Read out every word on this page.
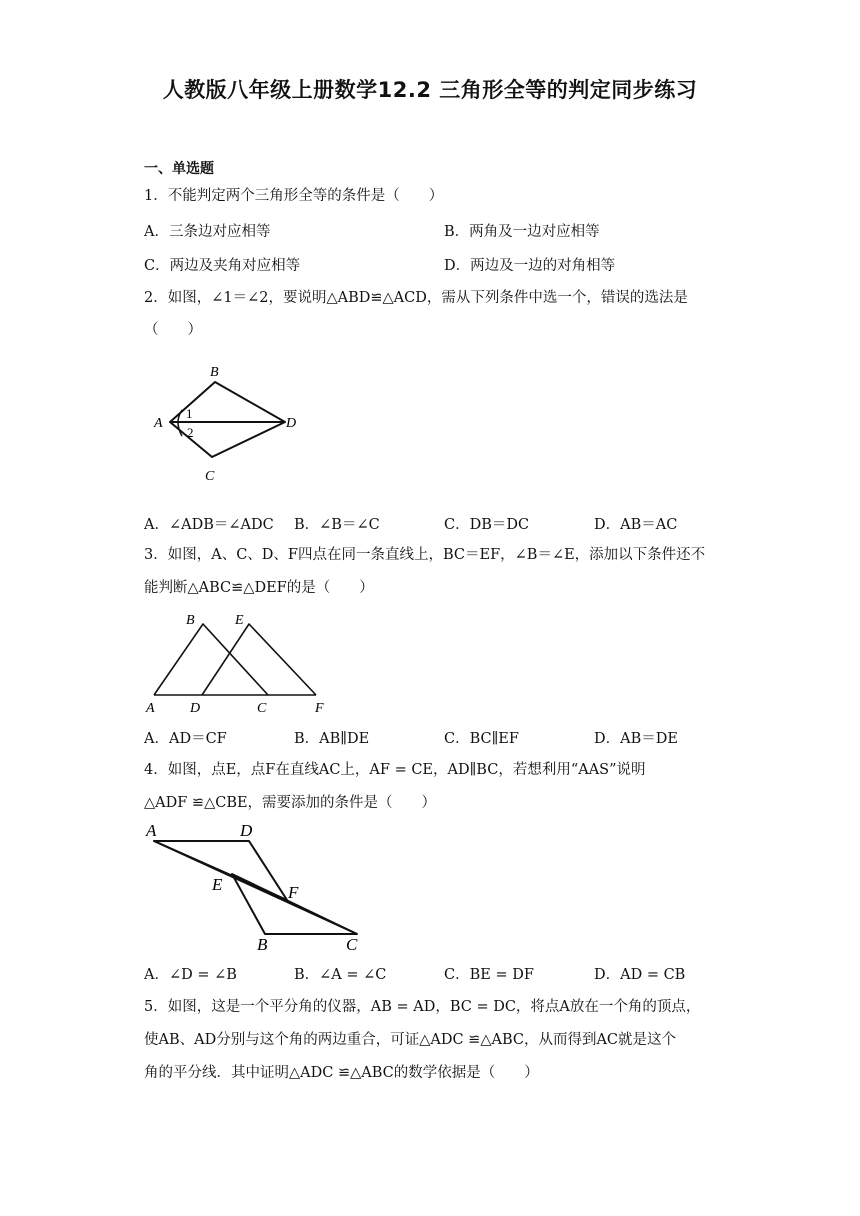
人教版八年级上册数学12.2 三角形全等的判定同步练习
一、单选题
1．不能判定两个三角形全等的条件是（　　）
A．三条边对应相等	B．两角及一边对应相等
C．两边及夹角对应相等	D．两边及一边的对角相等
2．如图，∠1＝∠2，要说明△ABD≌△ACD，需从下列条件中选一个，错误的选法是
（　　）
B
A	D
C
1
2
A．∠ADB＝∠ADC B．∠B＝∠C	C．DB＝DC	D．AB＝AC
3．如图，A、C、D、F四点在同一条直线上，BC＝EF，∠B＝∠E，添加以下条件还不
能判断△ABC≌△DEF的是（　　）
B	E
A	D	C	F
A．AD＝CF	B．AB∥DE	C．BC∥EF	D．AB＝DE
4．如图，点E，点F在直线AC上，AF = CE，AD∥BC，若想利用“AAS”说明
△ADF ≌△CBE，需要添加的条件是（　　）
A	D
E	F
B	C
A．∠D = ∠B	B．∠A = ∠C	C．BE = DF	D．AD = CB
5．如图，这是一个平分角的仪器，AB = AD，BC = DC，将点A放在一个角的顶点，
使AB、AD分别与这个角的两边重合，可证△ADC ≌△ABC，从而得到AC就是这个
角的平分线．其中证明△ADC ≌△ABC的数学依据是（　　）
